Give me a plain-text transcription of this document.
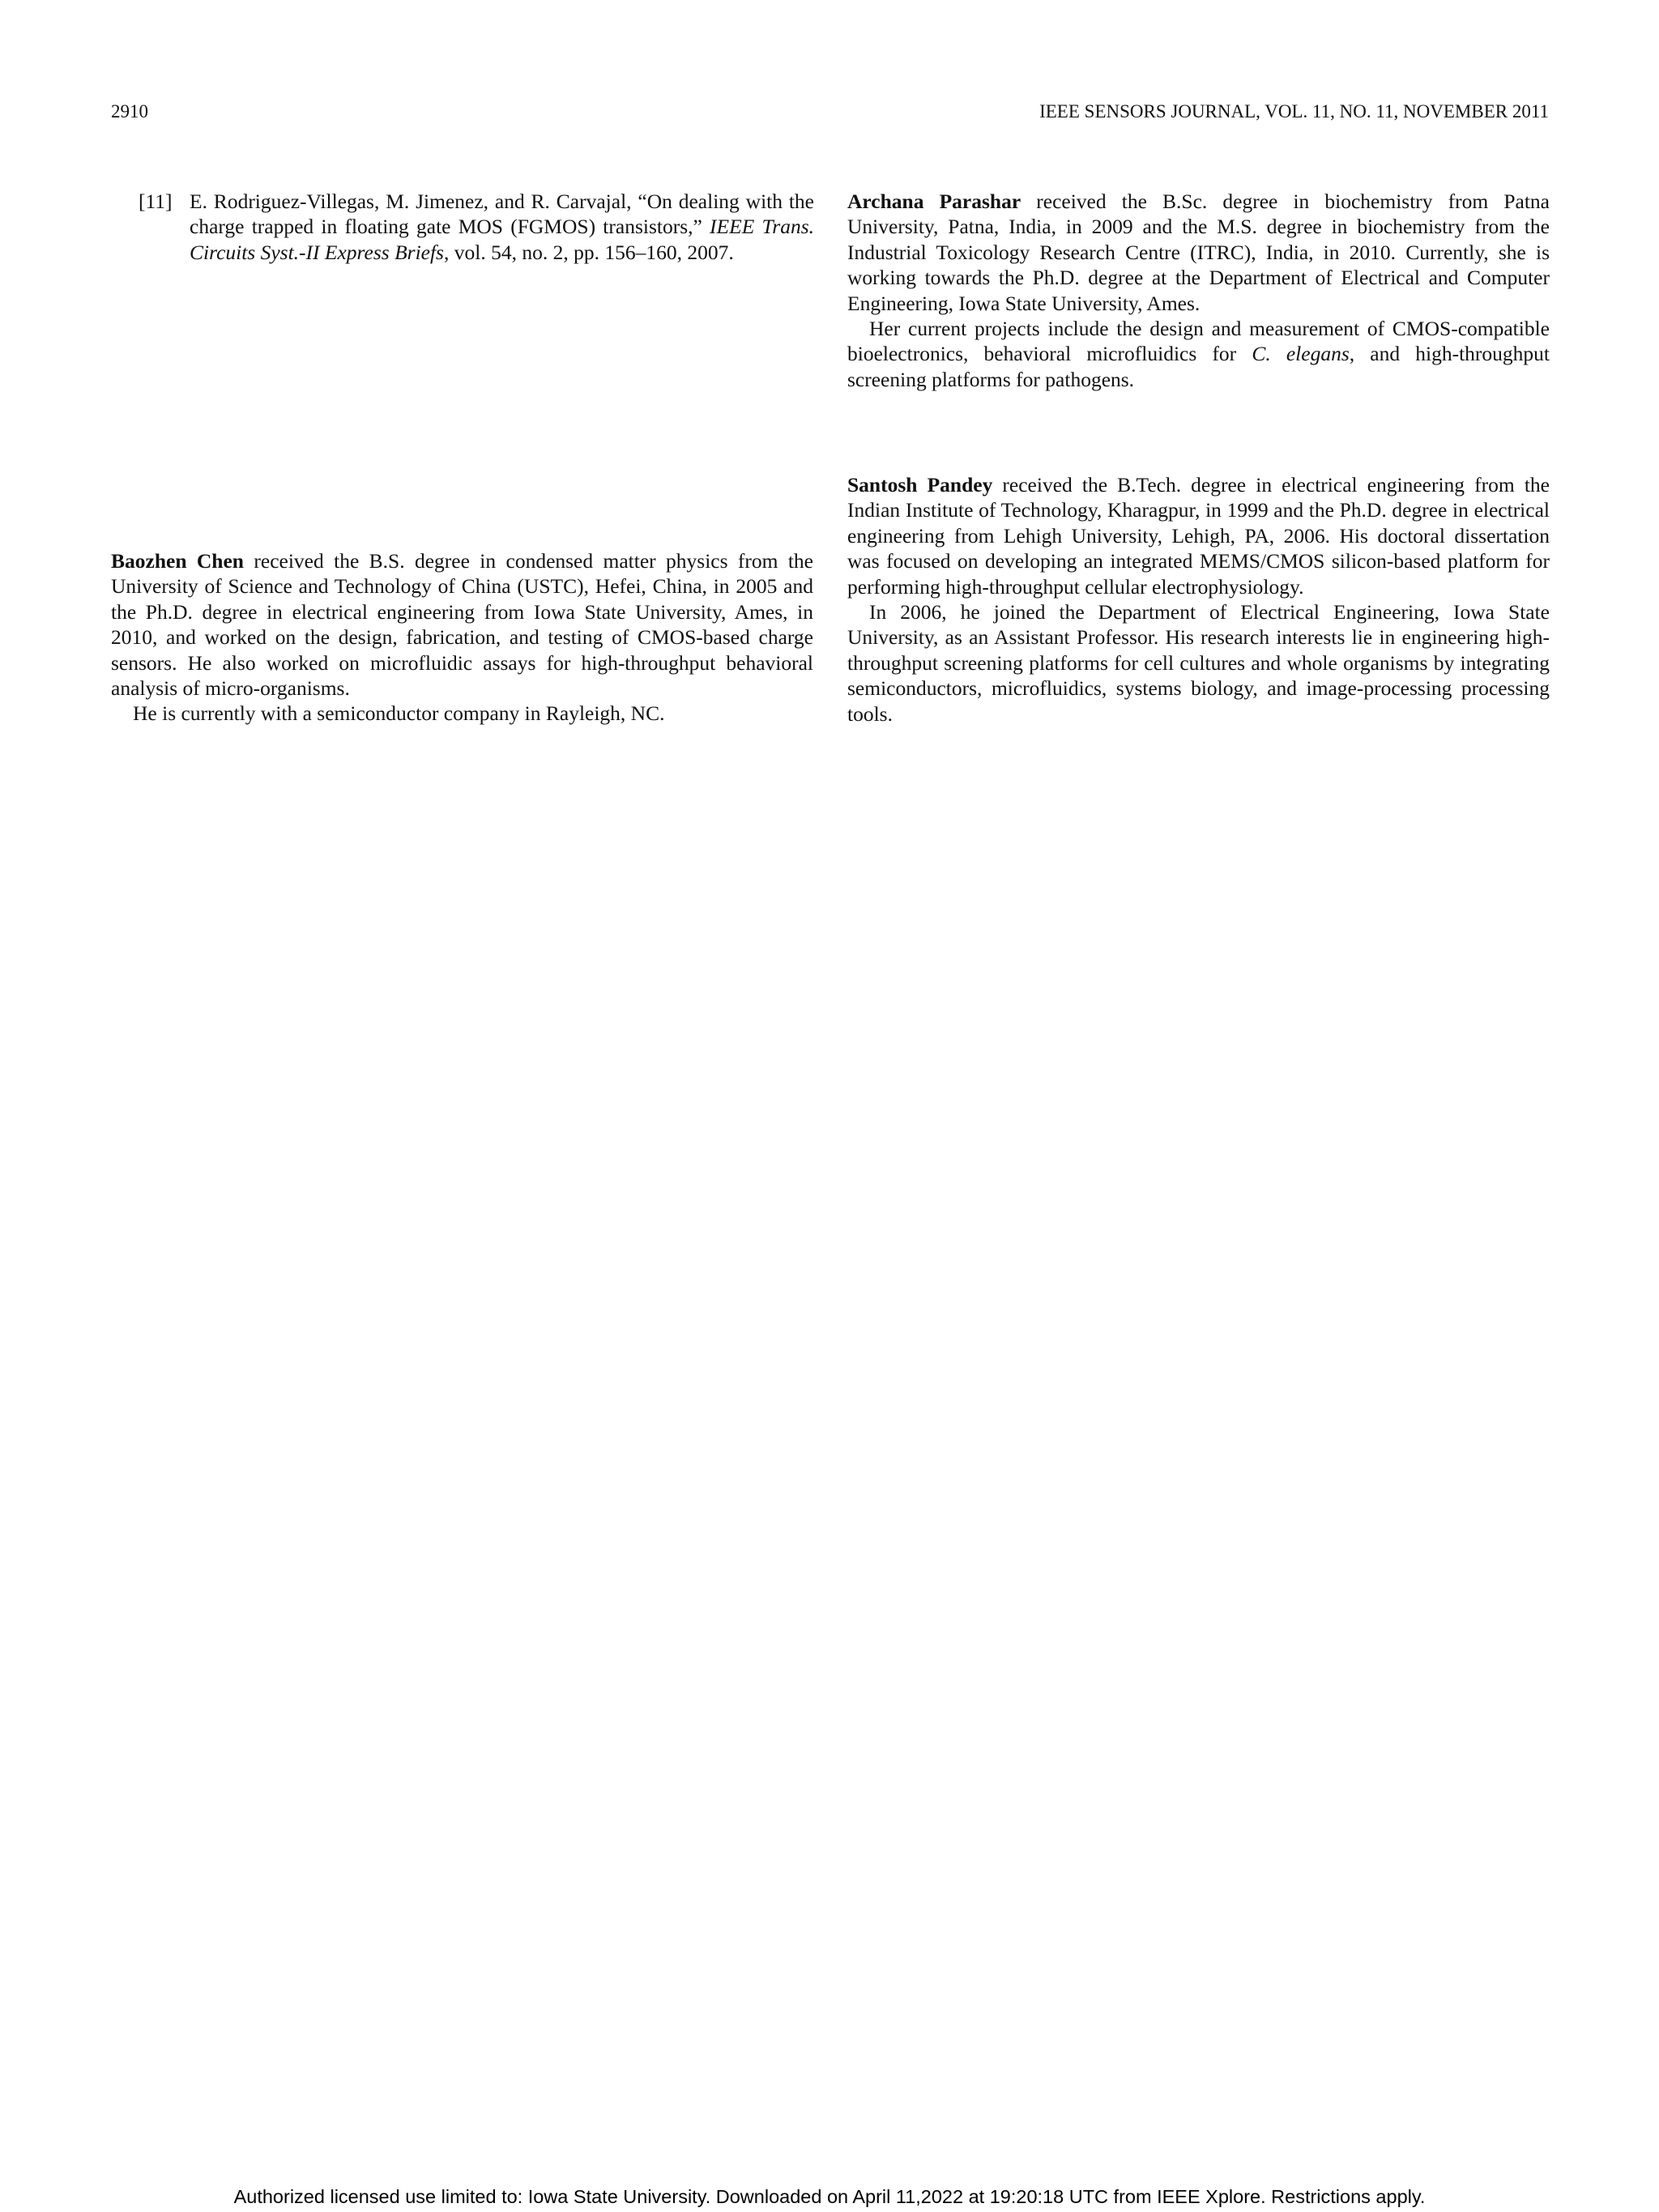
2910	IEEE SENSORS JOURNAL, VOL. 11, NO. 11, NOVEMBER 2011
[11] E. Rodriguez-Villegas, M. Jimenez, and R. Carvajal, “On dealing with the charge trapped in floating gate MOS (FGMOS) transistors,” IEEE Trans. Circuits Syst.-II Express Briefs, vol. 54, no. 2, pp. 156–160, 2007.

Archana Parashar received the B.Sc. degree in biochemistry from Patna University, Patna, India, in 2009 and the M.S. degree in biochemistry from the Industrial Toxicology Research Centre (ITRC), India, in 2010. Currently, she is working towards the Ph.D. degree at the Department of Electrical and Computer Engineering, Iowa State University, Ames.

Her current projects include the design and measurement of CMOS-compatible bioelectronics, behavioral microfluidics for C. elegans, and high-throughput screening platforms for pathogens.

Santosh Pandey received the B.Tech. degree in electrical engineering from the Indian Institute of Technology, Kharagpur, in 1999 and the Ph.D. degree in electrical engineering from Lehigh University, Lehigh, PA, 2006. His doctoral dissertation was focused on developing an integrated MEMS/CMOS silicon-based platform for performing high-throughput cellular electrophysiology.

In 2006, he joined the Department of Electrical Engineering, Iowa State University, as an Assistant Professor. His research interests lie in engineering high-throughput screening platforms for cell cultures and whole organisms by integrating semiconductors, microfluidics, systems biology, and image-processing processing tools.

Baozhen Chen received the B.S. degree in condensed matter physics from the University of Science and Technology of China (USTC), Hefei, China, in 2005 and the Ph.D. degree in electrical engineering from Iowa State University, Ames, in 2010, and worked on the design, fabrication, and testing of CMOS-based charge sensors. He also worked on microfluidic assays for high-throughput behavioral analysis of micro-organisms.

He is currently with a semiconductor company in Rayleigh, NC.

Authorized licensed use limited to: Iowa State University. Downloaded on April 11,2022 at 19:20:18 UTC from IEEE Xplore. Restrictions apply.
